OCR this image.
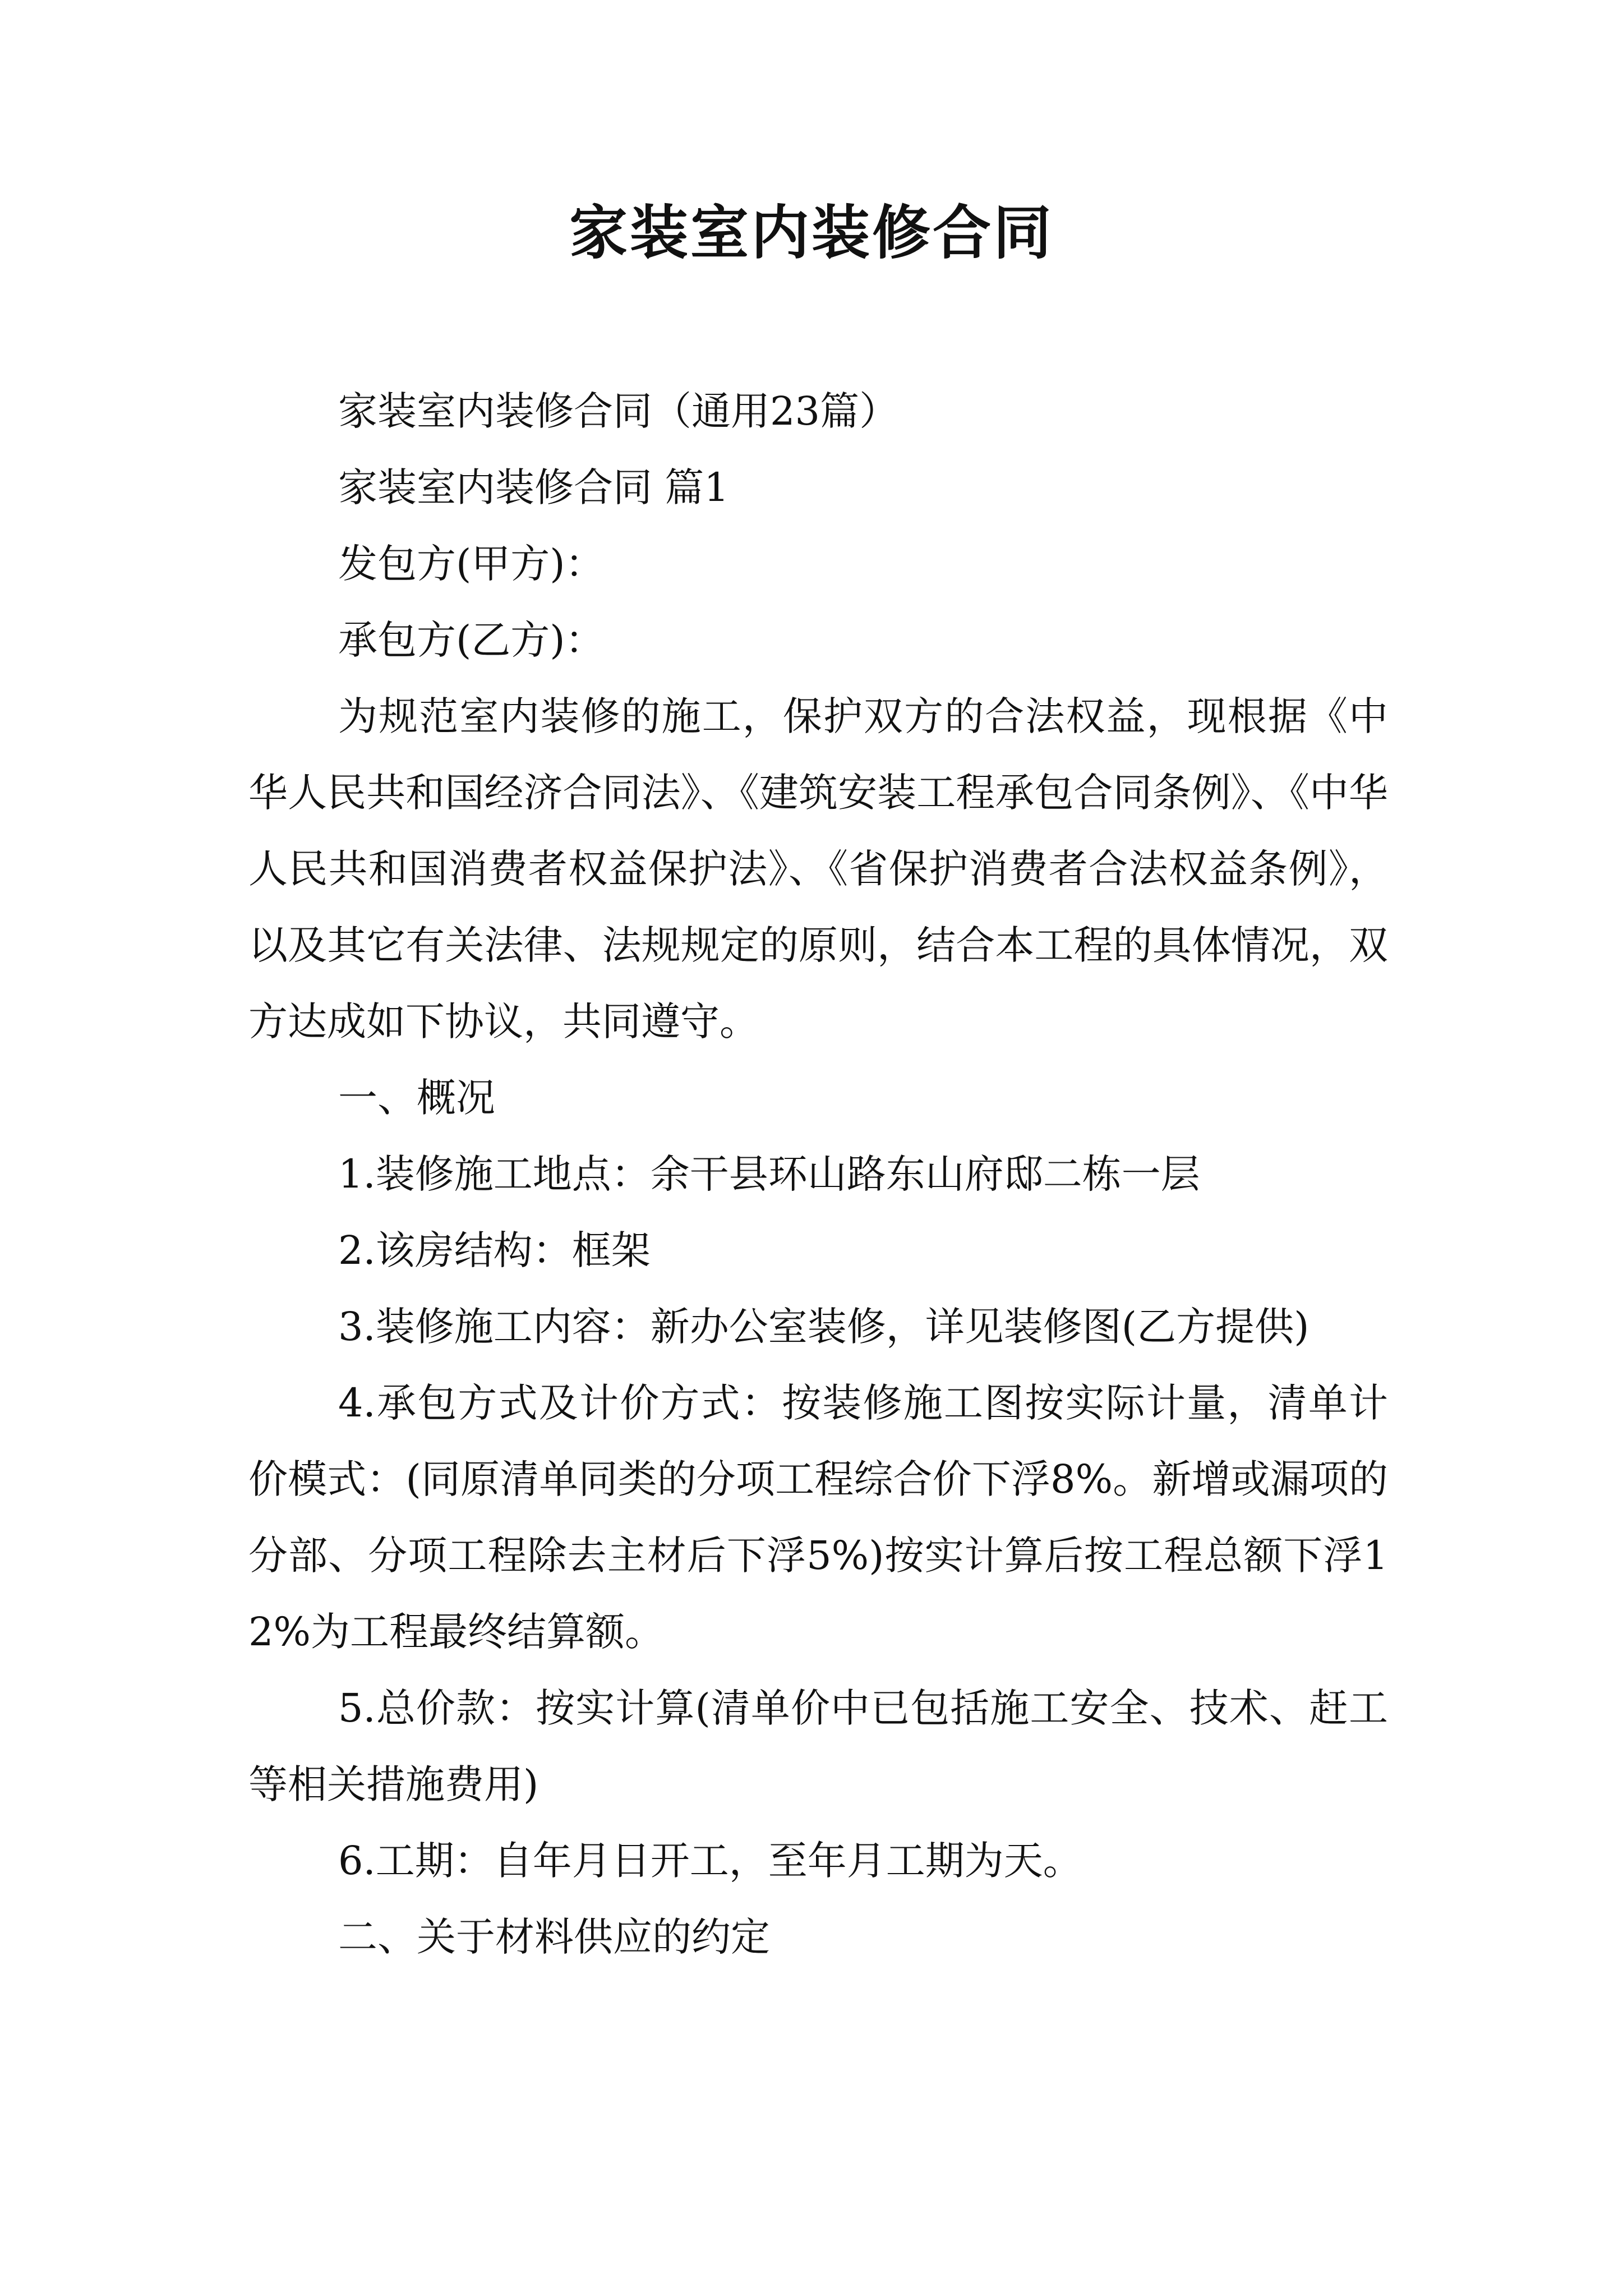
家装室内装修合同

家装室内装修合同（通用23篇）

家装室内装修合同 篇1

发包方(甲方)：

承包方(乙方)：

为规范室内装修的施工，保护双方的合法权益，现根据《中华人民共和国经济合同法》、《建筑安装工程承包合同条例》、《中华人民共和国消费者权益保护法》、《省保护消费者合法权益条例》，以及其它有关法律、法规规定的原则，结合本工程的具体情况，双方达成如下协议，共同遵守。

一、概况

1.装修施工地点：余干县环山路东山府邸二栋一层

2.该房结构：框架

3.装修施工内容：新办公室装修，详见装修图(乙方提供)

4.承包方式及计价方式：按装修施工图按实际计量，清单计价模式：(同原清单同类的分项工程综合价下浮8%。新增或漏项的分部、分项工程除去主材后下浮5%)按实计算后按工程总额下浮12%为工程最终结算额。

5.总价款：按实计算(清单价中已包括施工安全、技术、赶工等相关措施费用)

6.工期：自年月日开工，至年月工期为天。

二、关于材料供应的约定
